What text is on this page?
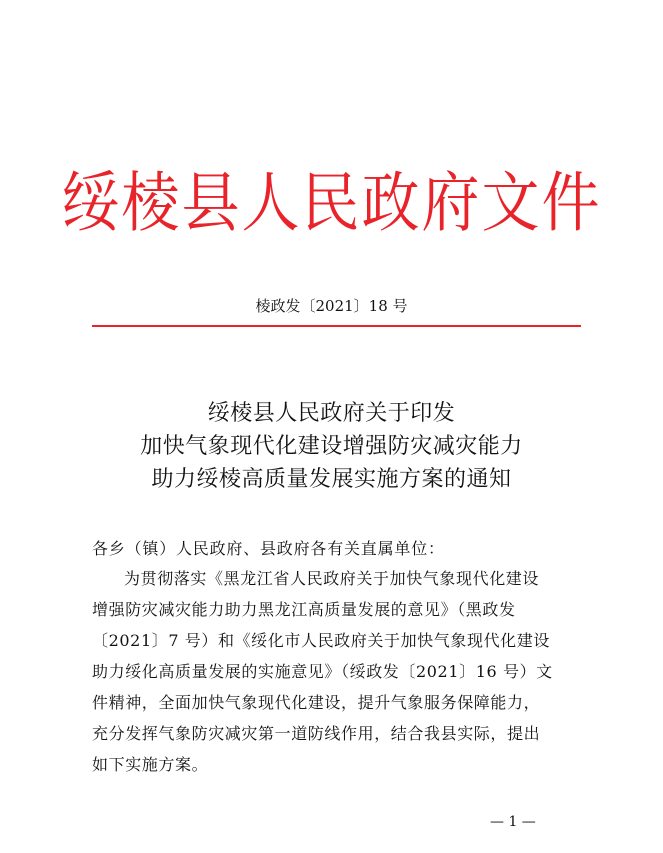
绥棱县人民政府文件
棱政发〔2021〕18 号
绥棱县人民政府关于印发
加快气象现代化建设增强防灾减灾能力
助力绥棱高质量发展实施方案的通知
各乡（镇）人民政府、县政府各有关直属单位：
为贯彻落实《黑龙江省人民政府关于加快气象现代化建设
增强防灾减灾能力助力黑龙江高质量发展的意见》（黑政发
〔2021〕7 号）和《绥化市人民政府关于加快气象现代化建设
助力绥化高质量发展的实施意见》（绥政发〔2021〕16 号）文
件精神，全面加快气象现代化建设，提升气象服务保障能力，
充分发挥气象防灾减灾第一道防线作用，结合我县实际，提出
如下实施方案。
— 1 —
